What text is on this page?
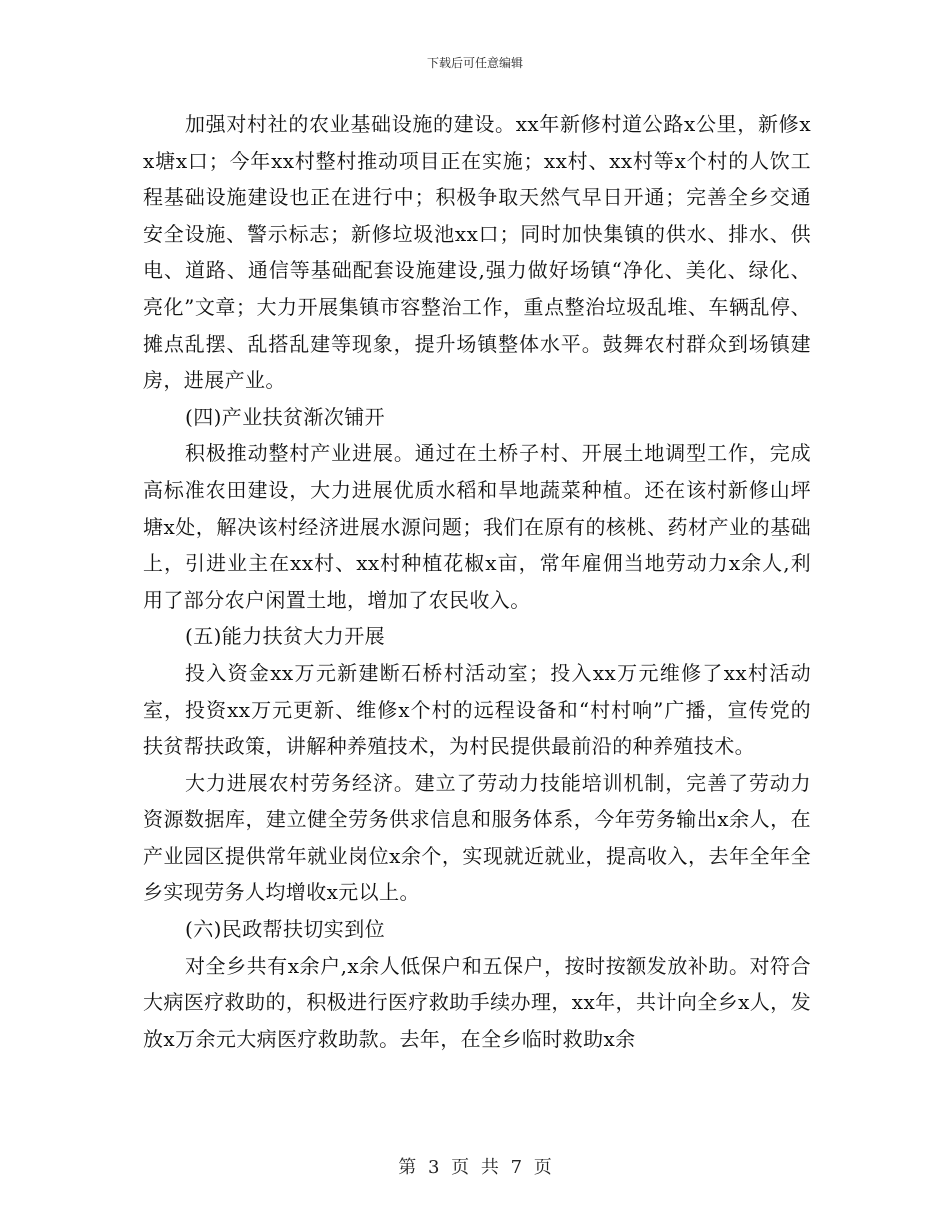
下载后可任意编辑

加强对村社的农业基础设施的建设。xx年新修村道公路x公里，新修xx塘x口；今年xx村整村推动项目正在实施；xx村、xx村等x个村的人饮工程基础设施建设也正在进行中；积极争取天然气早日开通；完善全乡交通安全设施、警示标志；新修垃圾池xx口；同时加快集镇的供水、排水、供电、道路、通信等基础配套设施建设,强力做好场镇“净化、美化、绿化、亮化”文章；大力开展集镇市容整治工作，重点整治垃圾乱堆、车辆乱停、摊点乱摆、乱搭乱建等现象，提升场镇整体水平。鼓舞农村群众到场镇建房，进展产业。

(四)产业扶贫渐次铺开

积极推动整村产业进展。通过在土桥子村、开展土地调型工作，完成高标准农田建设，大力进展优质水稻和旱地蔬菜种植。还在该村新修山坪塘x处，解决该村经济进展水源问题；我们在原有的核桃、药材产业的基础上，引进业主在xx村、xx村种植花椒x亩，常年雇佣当地劳动力x余人,利用了部分农户闲置土地，增加了农民收入。

(五)能力扶贫大力开展

投入资金xx万元新建断石桥村活动室；投入xx万元维修了xx村活动室，投资xx万元更新、维修x个村的远程设备和“村村响”广播，宣传党的扶贫帮扶政策，讲解种养殖技术，为村民提供最前沿的种养殖技术。

大力进展农村劳务经济。建立了劳动力技能培训机制，完善了劳动力资源数据库，建立健全劳务供求信息和服务体系，今年劳务输出x余人，在产业园区提供常年就业岗位x余个，实现就近就业，提高收入，去年全年全乡实现劳务人均增收x元以上。

(六)民政帮扶切实到位

对全乡共有x余户,x余人低保户和五保户，按时按额发放补助。对符合大病医疗救助的，积极进行医疗救助手续办理，xx年，共计向全乡x人，发放x万余元大病医疗救助款。去年，在全乡临时救助x余

第 3 页 共 7 页
